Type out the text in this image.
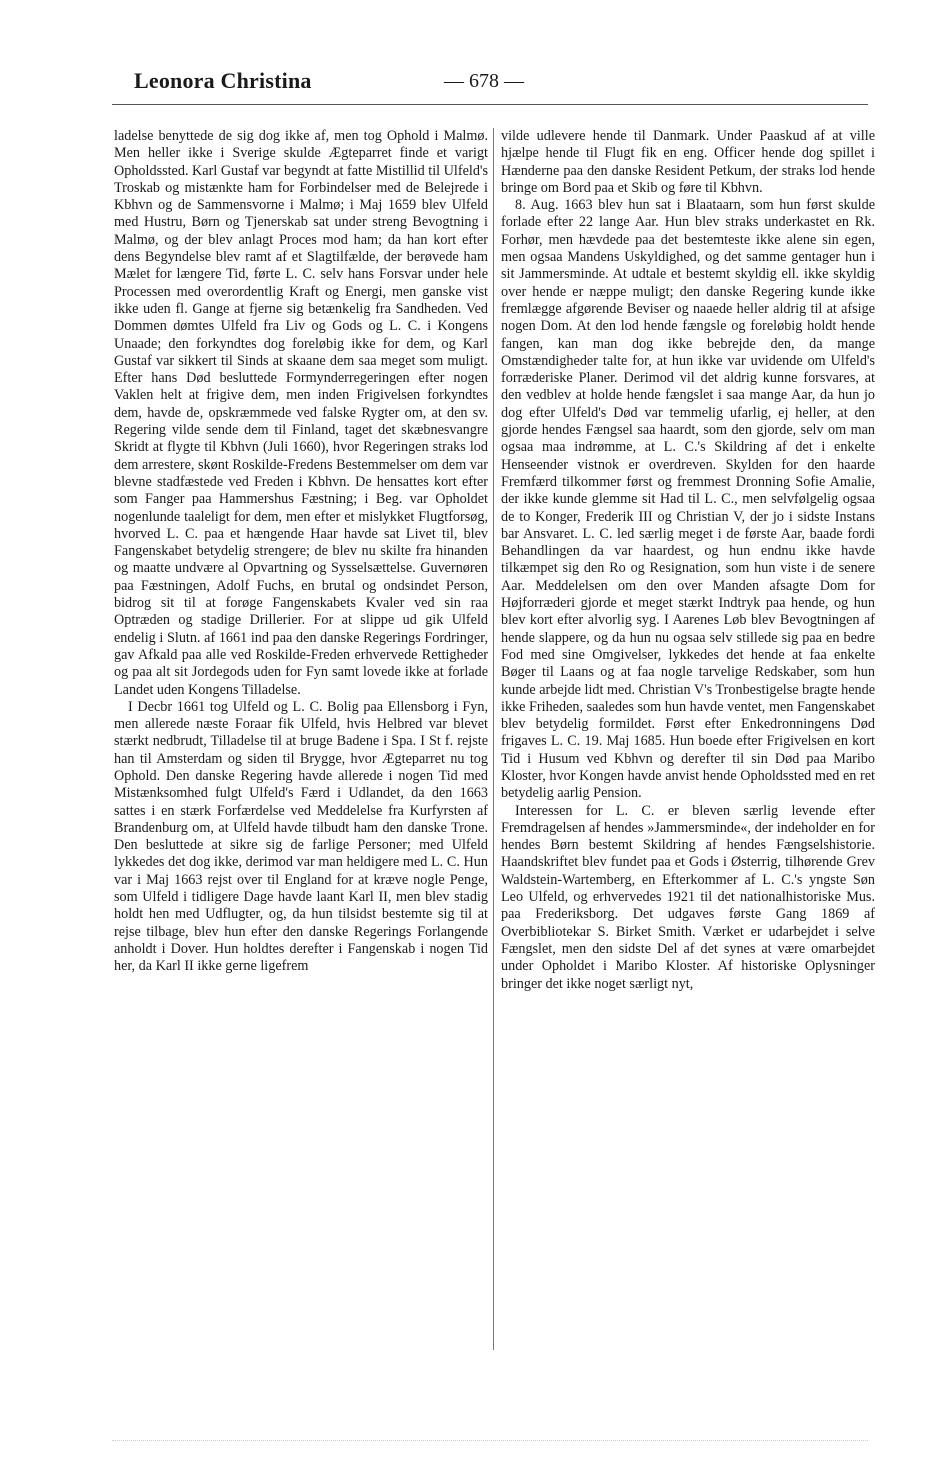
Leonora Christina	— 678 —

ladelse benyttede de sig dog ikke af, men tog Ophold i Malmø. Men heller ikke i Sverige skulde Ægteparret finde et varigt Opholdssted. Karl Gustaf var begyndt at fatte Mistillid til Ulfeld's Troskab og mistænkte ham for Forbindelser med de Belejrede i Kbhvn og de Sammensvorne i Malmø; i Maj 1659 blev Ulfeld med Hustru, Børn og Tjenerskab sat under streng Bevogtning i Malmø, og der blev anlagt Proces mod ham; da han kort efter dens Begyndelse blev ramt af et Slagtilfælde, der berøvede ham Mælet for længere Tid, førte L. C. selv hans Forsvar under hele Processen med overordentlig Kraft og Energi, men ganske vist ikke uden fl. Gange at fjerne sig betænkelig fra Sandheden. Ved Dommen dømtes Ulfeld fra Liv og Gods og L. C. i Kongens Unaade; den forkyndtes dog foreløbig ikke for dem, og Karl Gustaf var sikkert til Sinds at skaane dem saa meget som muligt. Efter hans Død besluttede Formynderregeringen efter nogen Vaklen helt at frigive dem, men inden Frigivelsen forkyndtes dem, havde de, opskræmmede ved falske Rygter om, at den sv. Regering vilde sende dem til Finland, taget det skæbnesvangre Skridt at flygte til Kbhvn (Juli 1660), hvor Regeringen straks lod dem arrestere, skønt Roskilde-Fredens Bestemmelser om dem var blevne stadfæstede ved Freden i Kbhvn. De hensattes kort efter som Fanger paa Hammershus Fæstning; i Beg. var Opholdet nogenlunde taaleligt for dem, men efter et mislykket Flugtforsøg, hvorved L. C. paa et hængende Haar havde sat Livet til, blev Fangenskabet betydelig strengere; de blev nu skilte fra hinanden og maatte undvære al Opvartning og Sysselsættelse. Guvernøren paa Fæstningen, Adolf Fuchs, en brutal og ondsindet Person, bidrog sit til at forøge Fangenskabets Kvaler ved sin raa Optræden og stadige Drillerier. For at slippe ud gik Ulfeld endelig i Slutn. af 1661 ind paa den danske Regerings Fordringer, gav Afkald paa alle ved Roskilde-Freden erhvervede Rettigheder og paa alt sit Jordegods uden for Fyn samt lovede ikke at forlade Landet uden Kongens Tilladelse.

I Decbr 1661 tog Ulfeld og L. C. Bolig paa Ellensborg i Fyn, men allerede næste Foraar fik Ulfeld, hvis Helbred var blevet stærkt nedbrudt, Tilladelse til at bruge Badene i Spa. I St f. rejste han til Amsterdam og siden til Brygge, hvor Ægteparret nu tog Ophold. Den danske Regering havde allerede i nogen Tid med Mistænksomhed fulgt Ulfeld's Færd i Udlandet, da den 1663 sattes i en stærk Forfærdelse ved Meddelelse fra Kurfyrsten af Brandenburg om, at Ulfeld havde tilbudt ham den danske Trone. Den besluttede at sikre sig de farlige Personer; med Ulfeld lykkedes det dog ikke, derimod var man heldigere med L. C. Hun var i Maj 1663 rejst over til England for at kræve nogle Penge, som Ulfeld i tidligere Dage havde laant Karl II, men blev stadig holdt hen med Udflugter, og, da hun tilsidst bestemte sig til at rejse tilbage, blev hun efter den danske Regerings Forlangende anholdt i Dover. Hun holdtes derefter i Fangenskab i nogen Tid her, da Karl II ikke gerne ligefrem

vilde udlevere hende til Danmark. Under Paaskud af at ville hjælpe hende til Flugt fik en eng. Officer hende dog spillet i Hænderne paa den danske Resident Petkum, der straks lod hende bringe om Bord paa et Skib og føre til Kbhvn.

8. Aug. 1663 blev hun sat i Blaataarn, som hun først skulde forlade efter 22 lange Aar. Hun blev straks underkastet en Rk. Forhør, men hævdede paa det bestemteste ikke alene sin egen, men ogsaa Mandens Uskyldighed, og det samme gentager hun i sit Jammersminde. At udtale et bestemt skyldig ell. ikke skyldig over hende er næppe muligt; den danske Regering kunde ikke fremlægge afgørende Beviser og naaede heller aldrig til at afsige nogen Dom. At den lod hende fængsle og foreløbig holdt hende fangen, kan man dog ikke bebrejde den, da mange Omstændigheder talte for, at hun ikke var uvidende om Ulfeld's forræderiske Planer. Derimod vil det aldrig kunne forsvares, at den vedblev at holde hende fængslet i saa mange Aar, da hun jo dog efter Ulfeld's Død var temmelig ufarlig, ej heller, at den gjorde hendes Fængsel saa haardt, som den gjorde, selv om man ogsaa maa indrømme, at L. C.'s Skildring af det i enkelte Henseender vistnok er overdreven. Skylden for den haarde Fremfærd tilkommer først og fremmest Dronning Sofie Amalie, der ikke kunde glemme sit Had til L. C., men selvfølgelig ogsaa de to Konger, Frederik III og Christian V, der jo i sidste Instans bar Ansvaret. L. C. led særlig meget i de første Aar, baade fordi Behandlingen da var haardest, og hun endnu ikke havde tilkæmpet sig den Ro og Resignation, som hun viste i de senere Aar. Meddelelsen om den over Manden afsagte Dom for Højforræderi gjorde et meget stærkt Indtryk paa hende, og hun blev kort efter alvorlig syg. I Aarenes Løb blev Bevogtningen af hende slappere, og da hun nu ogsaa selv stillede sig paa en bedre Fod med sine Omgivelser, lykkedes det hende at faa enkelte Bøger til Laans og at faa nogle tarvelige Redskaber, som hun kunde arbejde lidt med. Christian V's Tronbestigelse bragte hende ikke Friheden, saaledes som hun havde ventet, men Fangenskabet blev betydelig formildet. Først efter Enkedronningens Død frigaves L. C. 19. Maj 1685. Hun boede efter Frigivelsen en kort Tid i Husum ved Kbhvn og derefter til sin Død paa Maribo Kloster, hvor Kongen havde anvist hende Opholdssted med en ret betydelig aarlig Pension.

Interessen for L. C. er bleven særlig levende efter Fremdragelsen af hendes »Jammersminde«, der indeholder en for hendes Børn bestemt Skildring af hendes Fængselshistorie. Haandskriftet blev fundet paa et Gods i Østerrig, tilhørende Grev Waldstein-Wartemberg, en Efterkommer af L. C.'s yngste Søn Leo Ulfeld, og erhvervedes 1921 til det nationalhistoriske Mus. paa Frederiksborg. Det udgaves første Gang 1869 af Overbibliotekar S. Birket Smith. Værket er udarbejdet i selve Fængslet, men den sidste Del af det synes at være omarbejdet under Opholdet i Maribo Kloster. Af historiske Oplysninger bringer det ikke noget særligt nyt,
